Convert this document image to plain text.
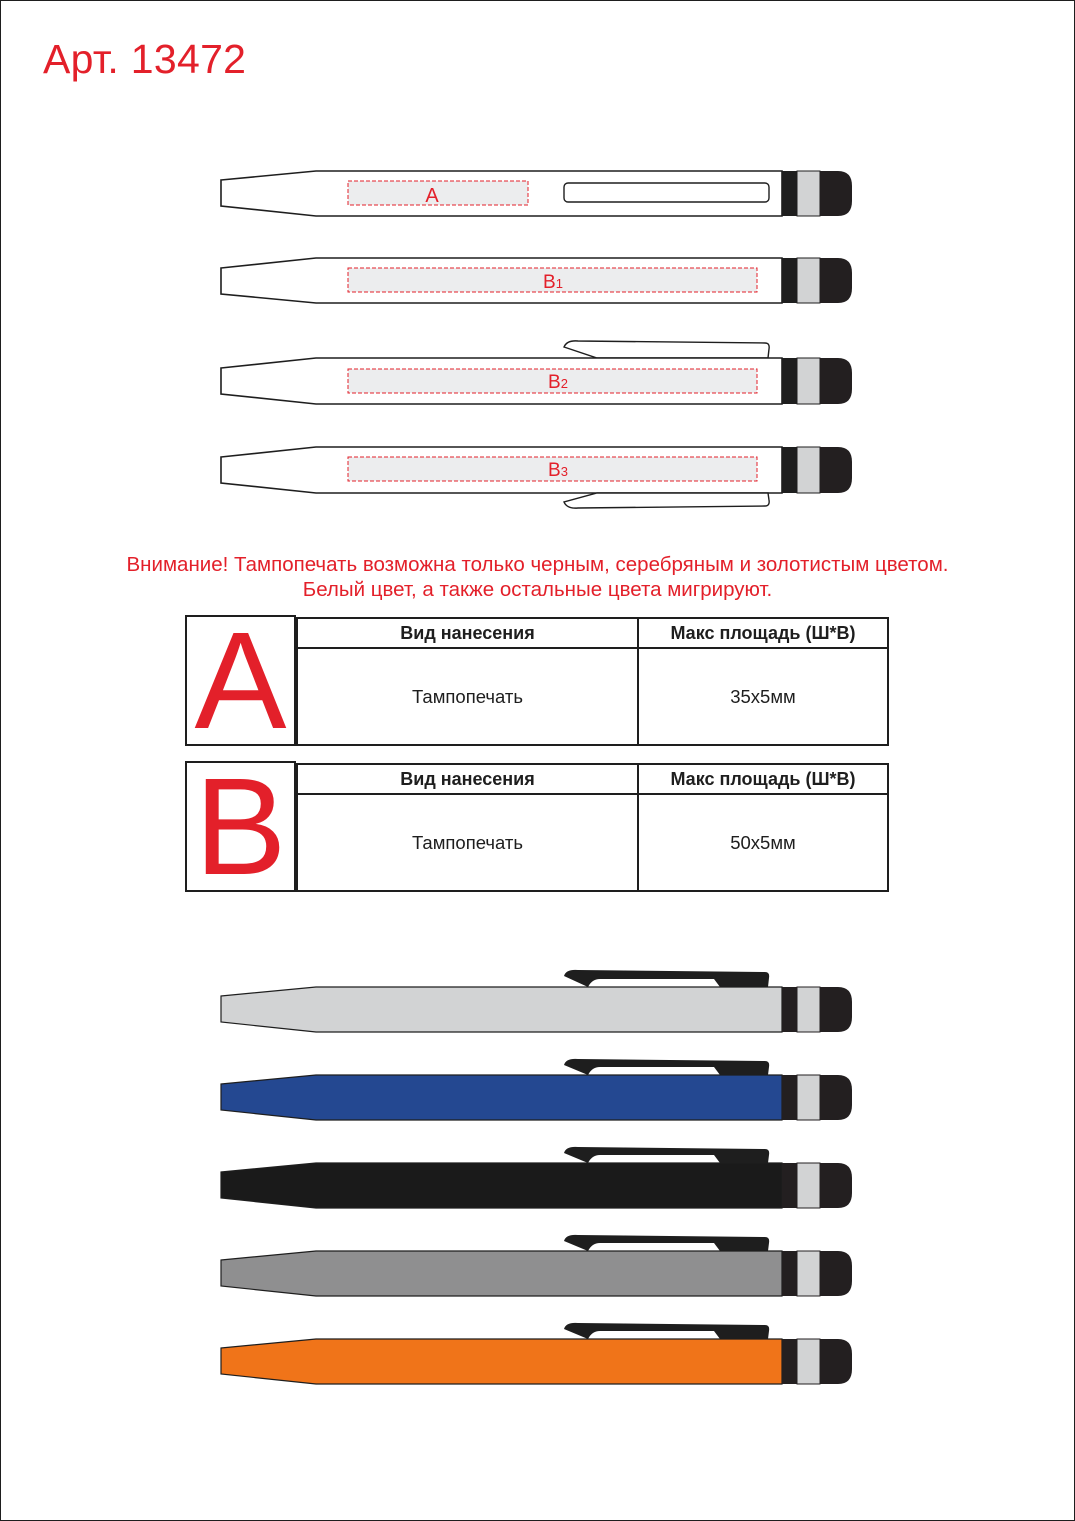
Арт. 13472
A
B1
B2
B3
Внимание! Тампопечать возможна только черным, серебряным и золотистым цветом.
Белый цвет, а также остальные цвета мигрируют.
A	Вид нанесения	Макс площадь (Ш*В)
Тампопечать	35x5мм
B	Вид нанесения	Макс площадь (Ш*В)
Тампопечать	50x5мм
